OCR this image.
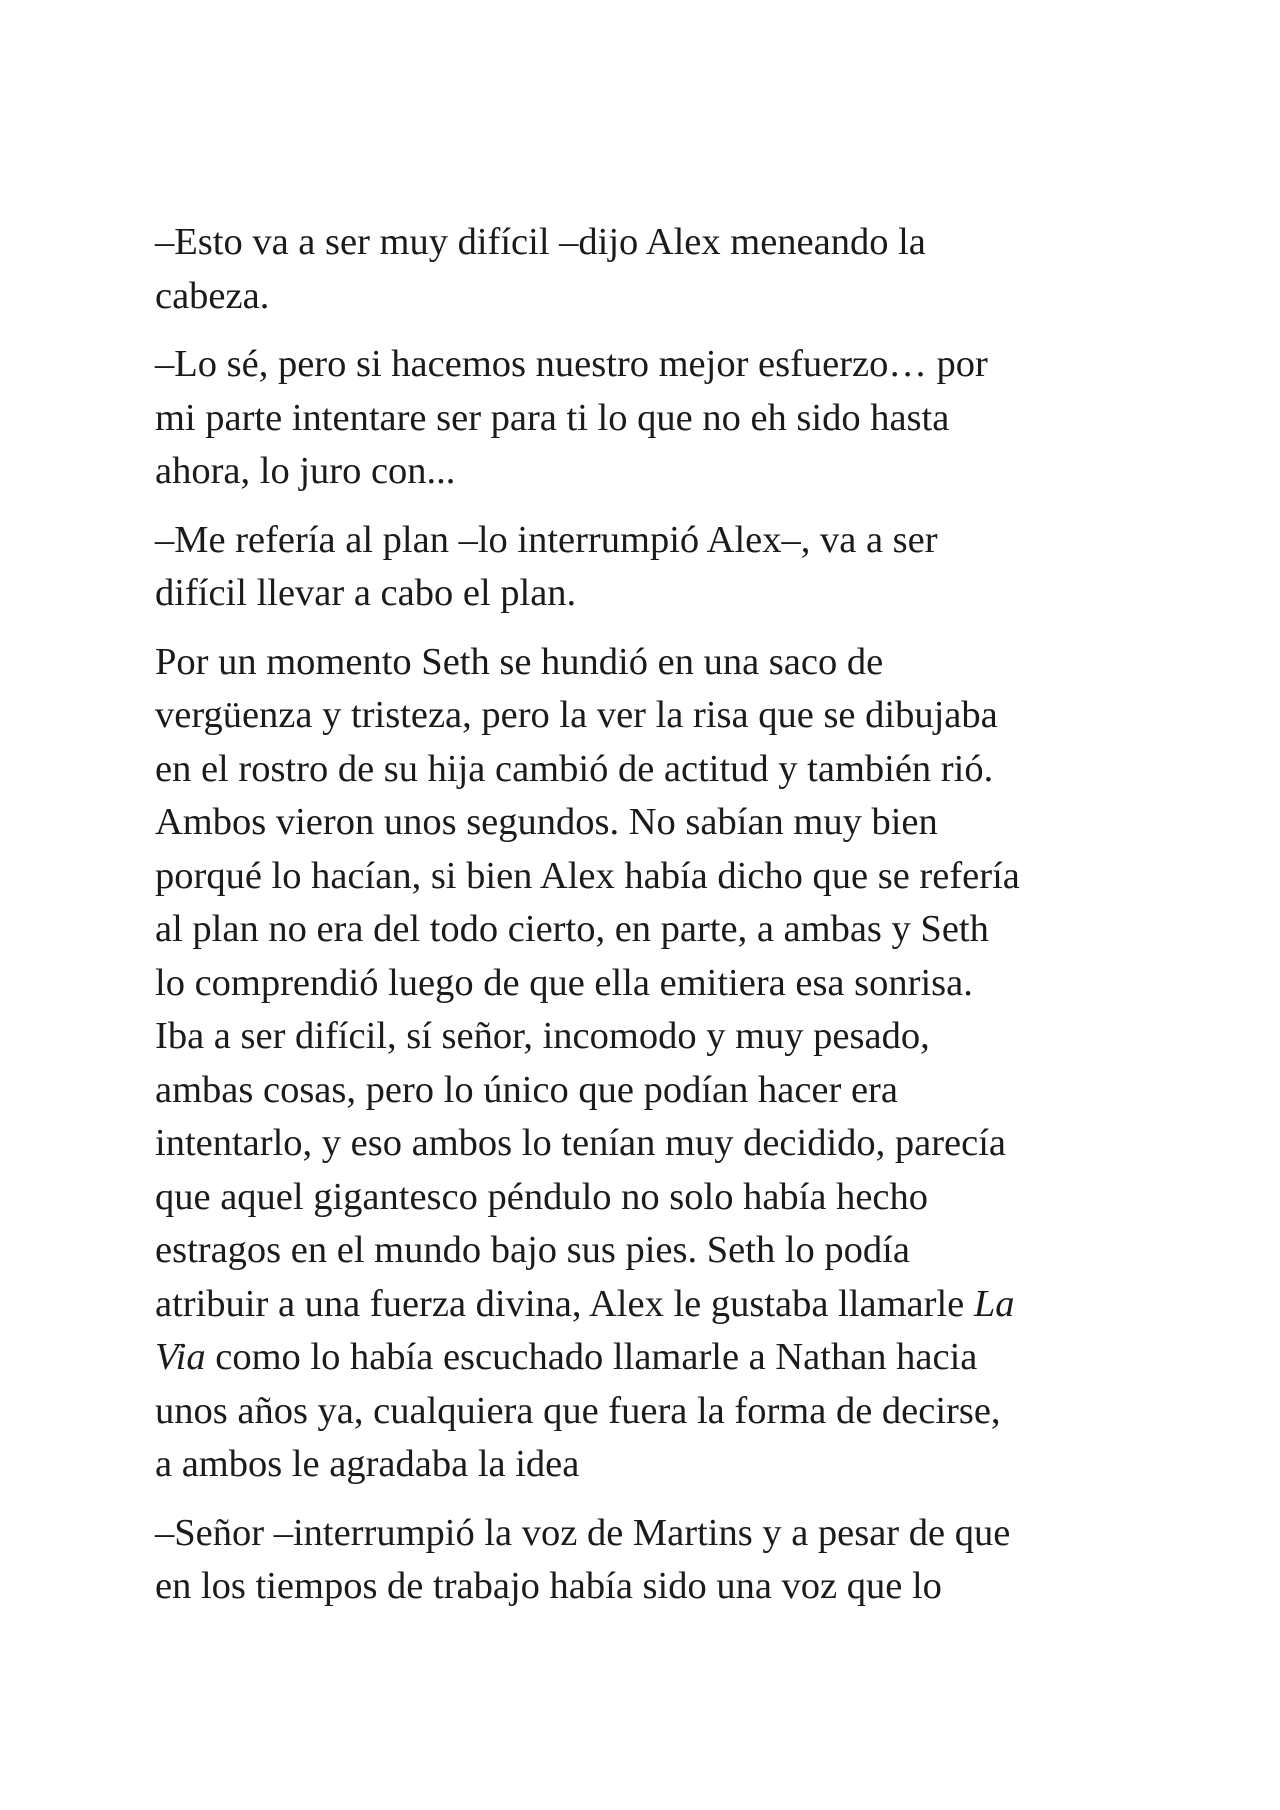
–Esto va a ser muy difícil –dijo Alex meneando la
cabeza.

–Lo sé, pero si hacemos nuestro mejor esfuerzo… por
mi parte intentare ser para ti lo que no eh sido hasta
ahora, lo juro con...

–Me refería al plan –lo interrumpió Alex–, va a ser
difícil llevar a cabo el plan.

Por un momento Seth se hundió en una saco de
vergüenza y tristeza, pero la ver la risa que se dibujaba
en el rostro de su hija cambió de actitud y también rió.
Ambos vieron unos segundos. No sabían muy bien
porqué lo hacían, si bien Alex había dicho que se refería
al plan no era del todo cierto, en parte, a ambas y Seth
lo comprendió luego de que ella emitiera esa sonrisa.
Iba a ser difícil, sí señor, incomodo y muy pesado,
ambas cosas, pero lo único que podían hacer era
intentarlo, y eso ambos lo tenían muy decidido, parecía
que aquel gigantesco péndulo no solo había hecho
estragos en el mundo bajo sus pies. Seth lo podía
atribuir a una fuerza divina, Alex le gustaba llamarle La
Via como lo había escuchado llamarle a Nathan hacia
unos años ya, cualquiera que fuera la forma de decirse,
a ambos le agradaba la idea

–Señor –interrumpió la voz de Martins y a pesar de que
en los tiempos de trabajo había sido una voz que lo
